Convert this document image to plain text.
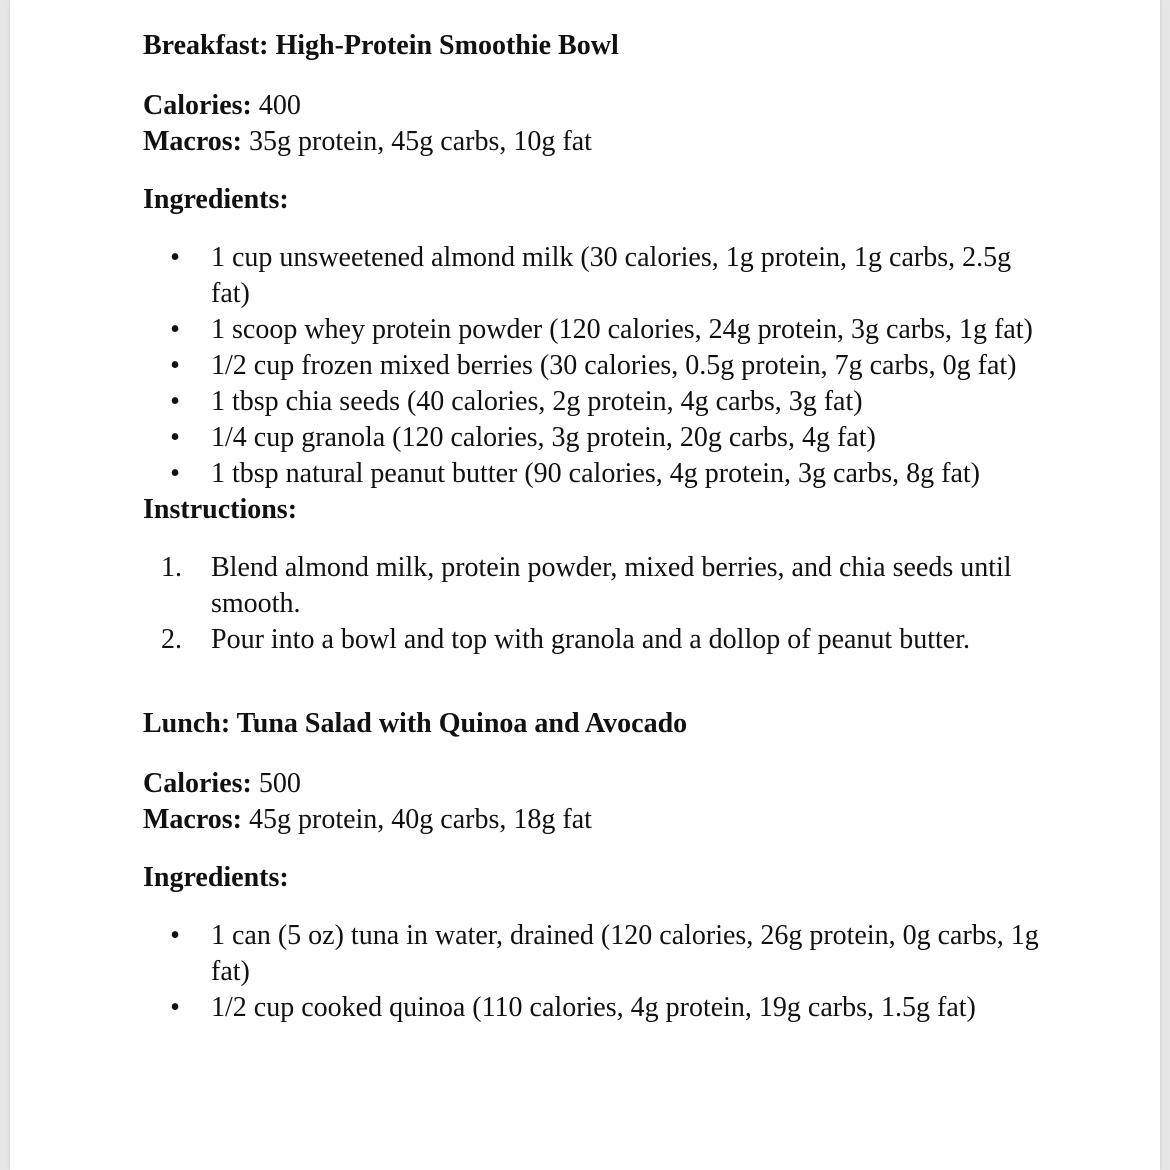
Breakfast: High-Protein Smoothie Bowl

Calories: 400

Macros: 35g protein, 45g carbs, 10g fat

Ingredients:

• 1 cup unsweetened almond milk (30 calories, 1g protein, 1g carbs, 2.5g fat)
• 1 scoop whey protein powder (120 calories, 24g protein, 3g carbs, 1g fat)
• 1/2 cup frozen mixed berries (30 calories, 0.5g protein, 7g carbs, 0g fat)
• 1 tbsp chia seeds (40 calories, 2g protein, 4g carbs, 3g fat)
• 1/4 cup granola (120 calories, 3g protein, 20g carbs, 4g fat)
• 1 tbsp natural peanut butter (90 calories, 4g protein, 3g carbs, 8g fat)

Instructions:

1.	Blend almond milk, protein powder, mixed berries, and chia seeds until smooth.
2.	Pour into a bowl and top with granola and a dollop of peanut butter.

Lunch: Tuna Salad with Quinoa and Avocado

Calories: 500

Macros: 45g protein, 40g carbs, 18g fat

Ingredients:

• 1 can (5 oz) tuna in water, drained (120 calories, 26g protein, 0g carbs, 1g fat)
• 1/2 cup cooked quinoa (110 calories, 4g protein, 19g carbs, 1.5g fat)
